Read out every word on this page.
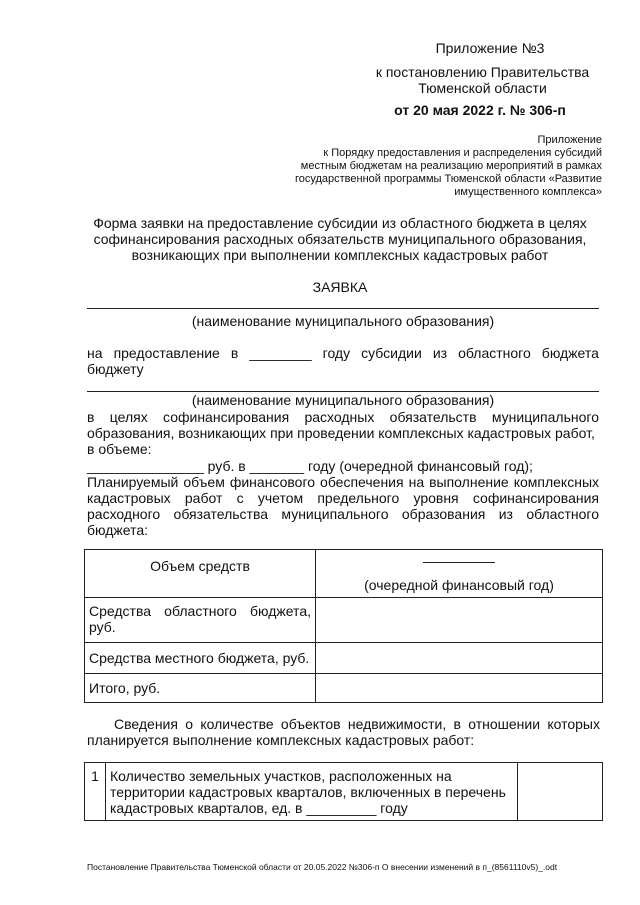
Приложение №3
к постановлению Правительства
Тюменской области
от 20 мая 2022 г. № 306-п
Приложение
к Порядку предоставления и распределения субсидий
местным бюджетам на реализацию мероприятий в рамках
государственной программы Тюменской области «Развитие
имущественного комплекса»
Форма заявки на предоставление субсидии из областного бюджета в целях
софинансирования расходных обязательств муниципального образования,
возникающих при выполнении комплексных кадастровых работ
ЗАЯВКА
(наименование муниципального образования)
на предоставление в ________ году субсидии из областного бюджета
бюджету
(наименование муниципального образования)
в целях софинансирования расходных обязательств муниципального
образования, возникающих при проведении комплексных кадастровых работ,
в объеме:
_______________ руб. в _______ году (очередной финансовый год);
Планируемый объем финансового обеспечения на выполнение комплексных
кадастровых работ с учетом предельного уровня софинансирования
расходного обязательства муниципального образования из областного
бюджета:
Объем средств	(очередной финансовый год)

Средства областного бюджета,
руб.	

Средства местного бюджета, руб.	

Итого, руб.	

Сведения о количестве объектов недвижимости, в отношении которых
планируется выполнение комплексных кадастровых работ:
1	Количество земельных участков, расположенных на
территории кадастровых кварталов, включенных в перечень
кадастровых кварталов, ед. в _________ году

Постановление Правительства Тюменской области от 20.05.2022 №306-п О внесении изменений в п_(8561110v5)_.odt
